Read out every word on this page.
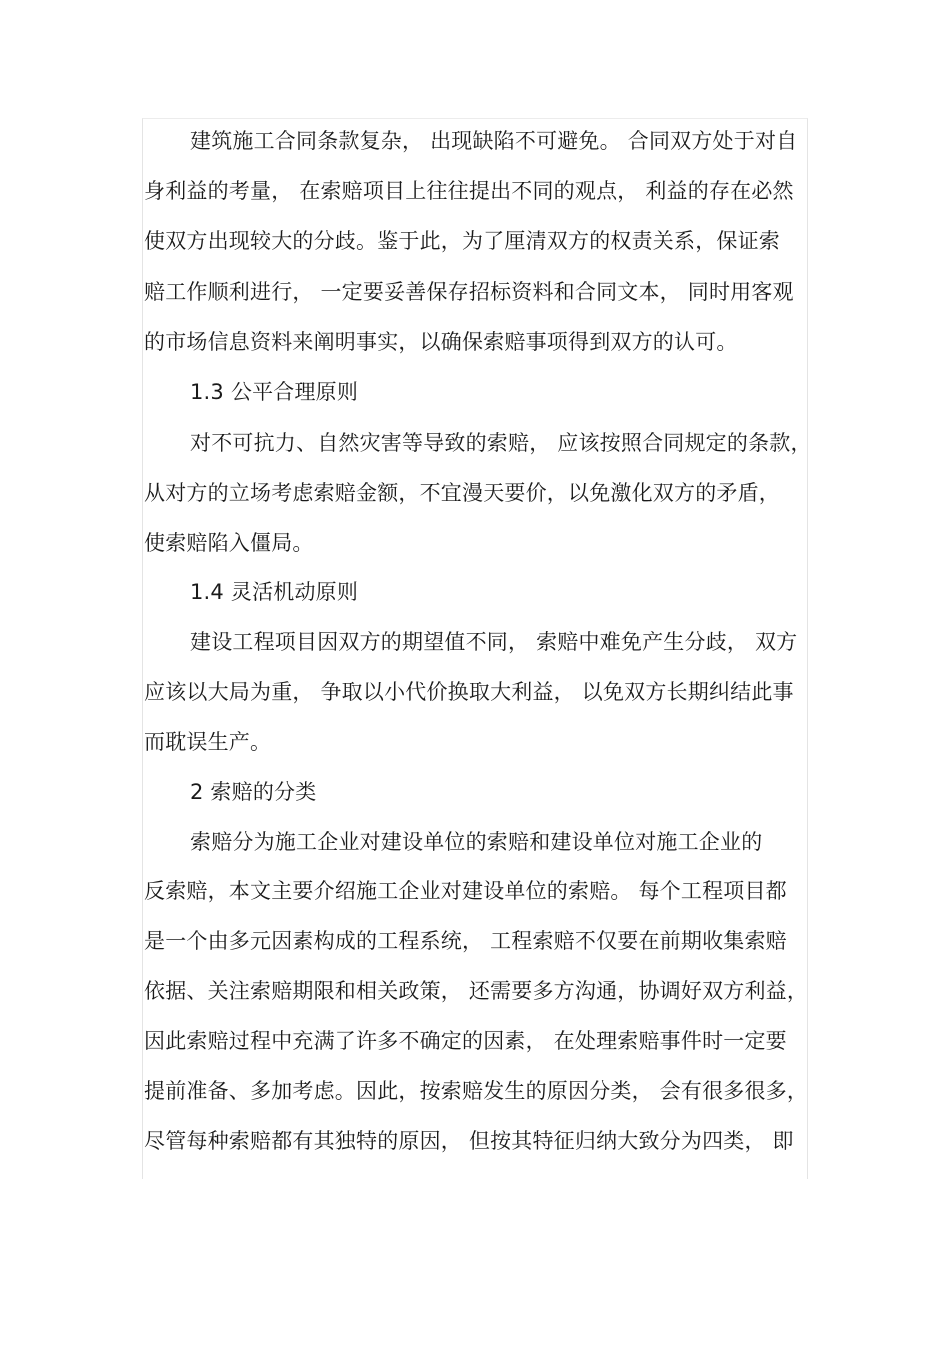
建筑施工合同条款复杂， 出现缺陷不可避免。 合同双方处于对自
身利益的考量， 在索赔项目上往往提出不同的观点， 利益的存在必然
使双方出现较大的分歧。鉴于此，为了厘清双方的权责关系，保证索
赔工作顺利进行， 一定要妥善保存招标资料和合同文本， 同时用客观
的市场信息资料来阐明事实，以确保索赔事项得到双方的认可。
1.3 公平合理原则
对不可抗力、自然灾害等导致的索赔， 应该按照合同规定的条款，
从对方的立场考虑索赔金额，不宜漫天要价，以免激化双方的矛盾，
使索赔陷入僵局。
1.4 灵活机动原则
建设工程项目因双方的期望值不同， 索赔中难免产生分歧， 双方
应该以大局为重， 争取以小代价换取大利益， 以免双方长期纠结此事
而耽误生产。
2 索赔的分类
索赔分为施工企业对建设单位的索赔和建设单位对施工企业的
反索赔，本文主要介绍施工企业对建设单位的索赔。 每个工程项目都
是一个由多元因素构成的工程系统， 工程索赔不仅要在前期收集索赔
依据、关注索赔期限和相关政策， 还需要多方沟通，协调好双方利益，
因此索赔过程中充满了许多不确定的因素， 在处理索赔事件时一定要
提前准备、多加考虑。因此，按索赔发生的原因分类， 会有很多很多，
尽管每种索赔都有其独特的原因， 但按其特征归纳大致分为四类， 即
